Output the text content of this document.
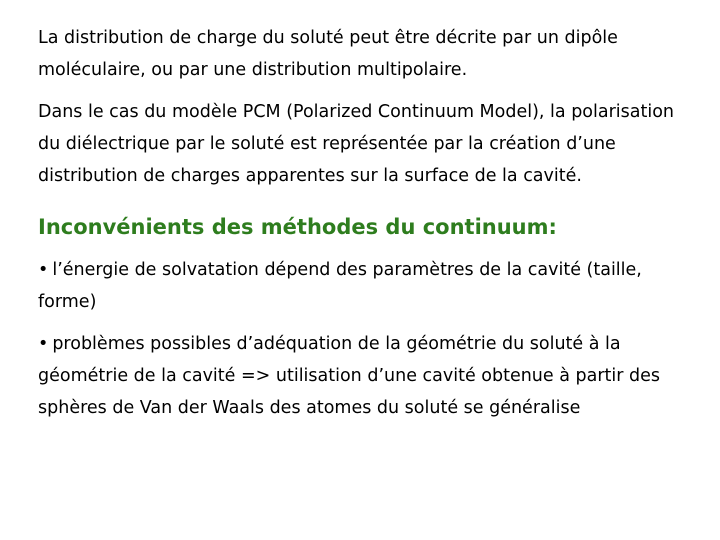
La distribution de charge du soluté peut être décrite par un dipôle moléculaire, ou par une distribution multipolaire.

Dans le cas du modèle PCM (Polarized Continuum Model), la polarisation du diélectrique par le soluté est représentée par la création d’une distribution de charges apparentes sur la surface de la cavité.

Inconvénients des méthodes du continuum:

• l’énergie de solvatation dépend des paramètres de la cavité (taille, forme)

• problèmes possibles d’adéquation de la géométrie du soluté à la géométrie de la cavité => utilisation d’une cavité obtenue à partir des sphères de Van der Waals des atomes du soluté se généralise
